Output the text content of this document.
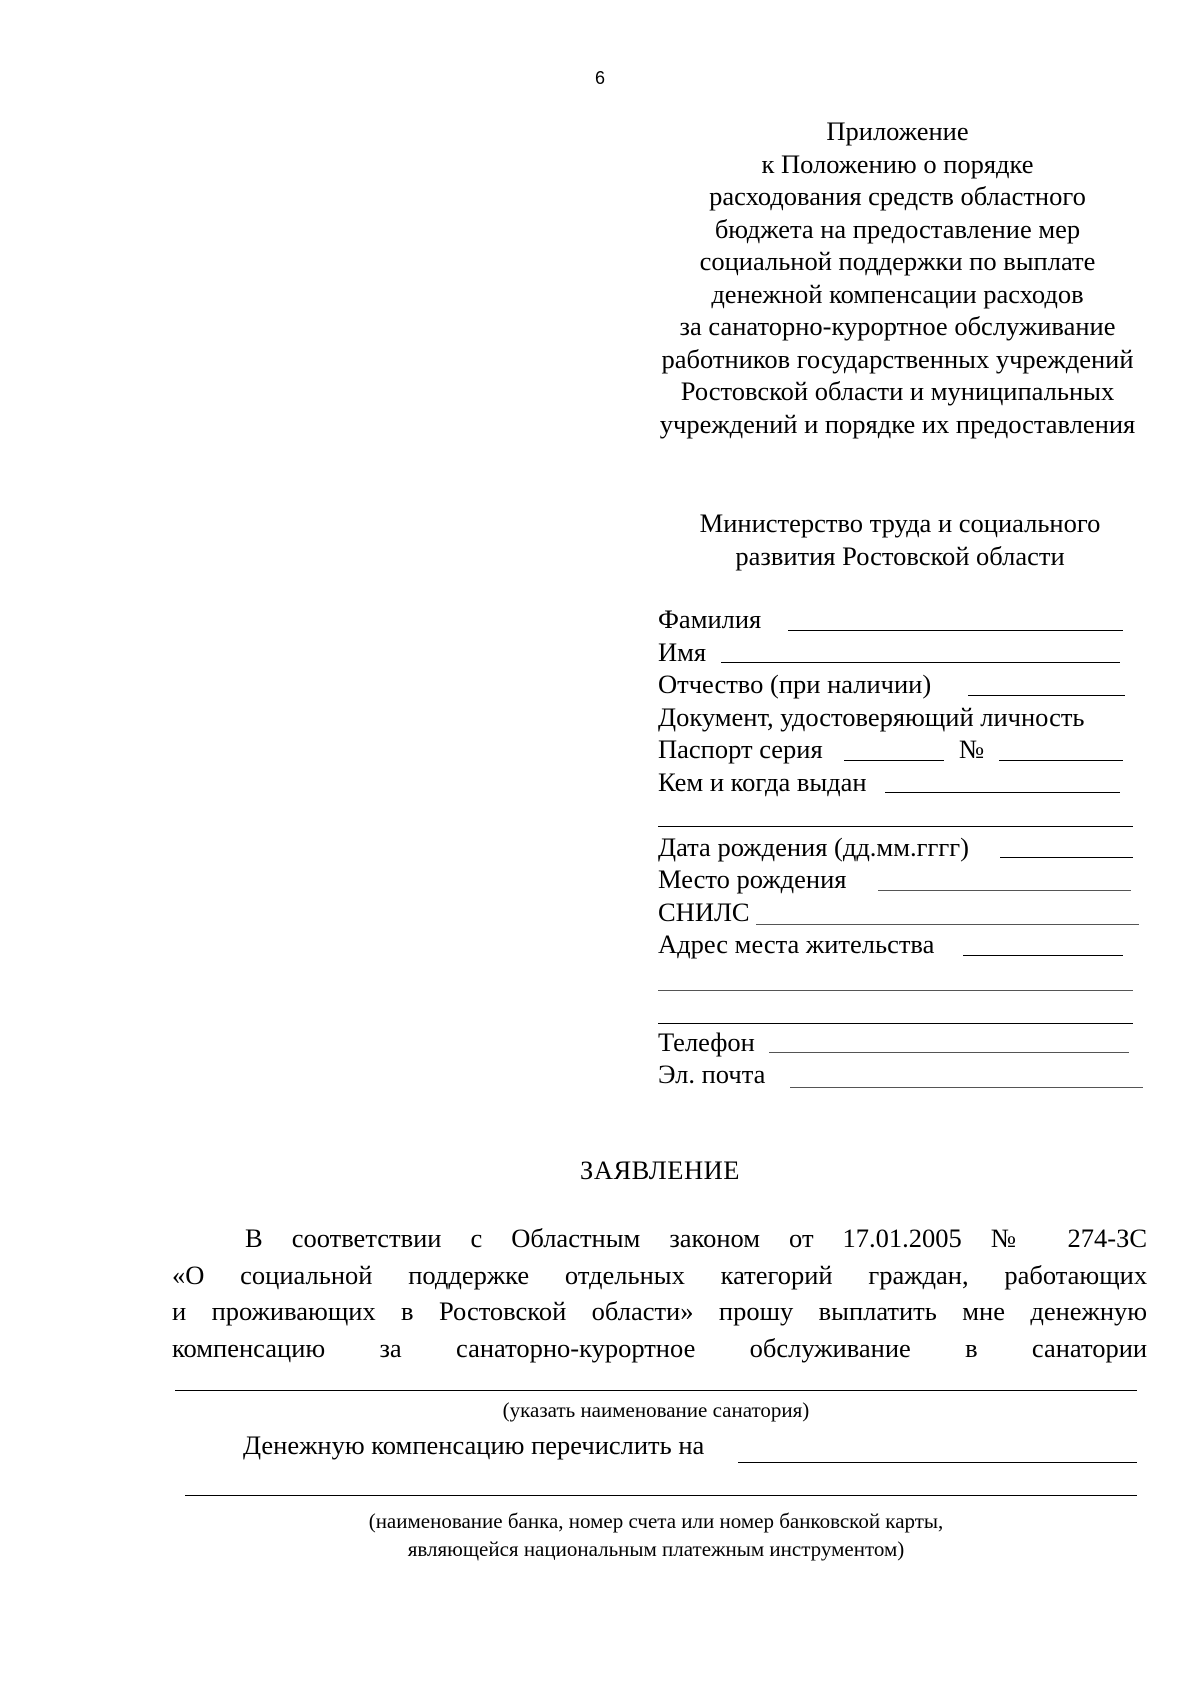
6
Приложение
к Положению о порядке
расходования средств областного
бюджета на предоставление мер
социальной поддержки по выплате
денежной компенсации расходов
за санаторно-курортное обслуживание
работников государственных учреждений
Ростовской области и муниципальных
учреждений и порядке их предоставления
Министерство труда и социального
развития Ростовской области
Фамилия
Имя
Отчество (при наличии)
Документ, удостоверяющий личность
Паспорт серия	№
Кем и когда выдан
Дата рождения (дд.мм.гггг)
Место рождения
СНИЛС
Адрес места жительства
Телефон
Эл. почта
ЗАЯВЛЕНИЕ
В соответствии с Областным законом от 17.01.2005 № 274-ЗС
«О социальной поддержке отдельных категорий граждан, работающих
и проживающих в Ростовской области» прошу выплатить мне денежную
компенсацию за санаторно-курортное обслуживание в санатории
(указать наименование санатория)
Денежную компенсацию перечислить на
(наименование банка, номер счета или номер банковской карты,
являющейся национальным платежным инструментом)
